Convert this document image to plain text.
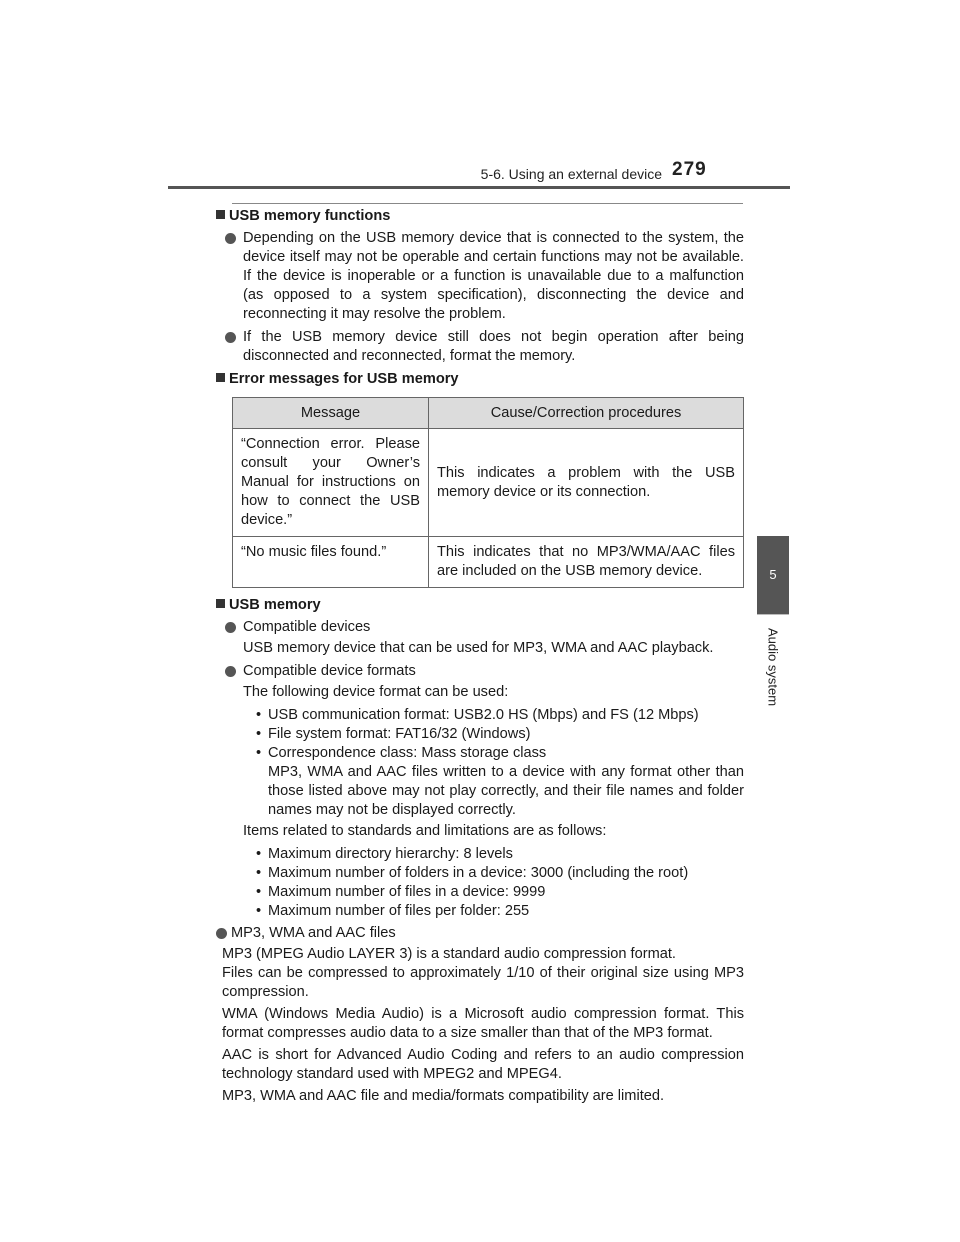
5-6. Using an external device 279
5
Audio system

USB memory functions

Depending on the USB memory device that is connected to the system, the device itself may not be operable and certain functions may not be available. If the device is inoperable or a function is unavailable due to a malfunction (as opposed to a system specification), disconnecting the device and reconnecting it may resolve the problem.

If the USB memory device still does not begin operation after being disconnected and reconnected, format the memory.

Error messages for USB memory

Message	Cause/Correction procedures
“Connection error. Please consult your Owner’s Manual for instructions on how to connect the USB device.”	This indicates a problem with the USB memory device or its connection.
“No music files found.”	This indicates that no MP3/WMA/AAC files are included on the USB memory device.

USB memory

Compatible devices

USB memory device that can be used for MP3, WMA and AAC playback.

Compatible device formats

The following device format can be used:

• USB communication format: USB2.0 HS (Mbps) and FS (12 Mbps)

• File system format: FAT16/32 (Windows)

• Correspondence class: Mass storage class

MP3, WMA and AAC files written to a device with any format other than those listed above may not play correctly, and their file names and folder names may not be displayed correctly.

Items related to standards and limitations are as follows:

• Maximum directory hierarchy: 8 levels

• Maximum number of folders in a device: 3000 (including the root)

• Maximum number of files in a device: 9999

• Maximum number of files per folder: 255

MP3, WMA and AAC files

MP3 (MPEG Audio LAYER 3) is a standard audio compression format.

Files can be compressed to approximately 1/10 of their original size using MP3 compression.

WMA (Windows Media Audio) is a Microsoft audio compression format. This format compresses audio data to a size smaller than that of the MP3 format.

AAC is short for Advanced Audio Coding and refers to an audio compression technology standard used with MPEG2 and MPEG4.

MP3, WMA and AAC file and media/formats compatibility are limited.
